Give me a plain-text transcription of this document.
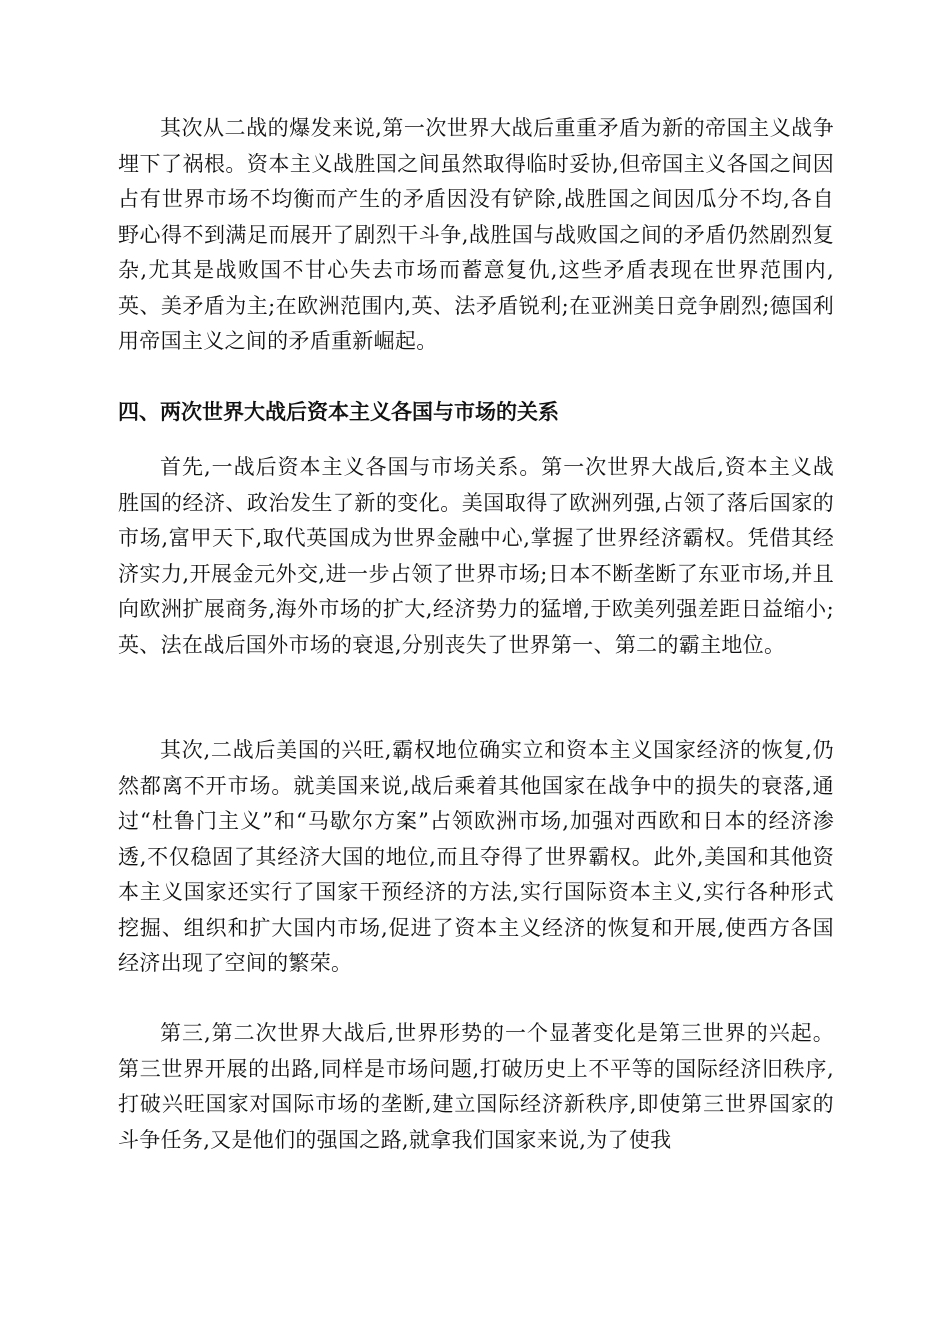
其次从二战的爆发来说,第一次世界大战后重重矛盾为新的帝国主义战争埋下了祸根。资本主义战胜国之间虽然取得临时妥协,但帝国主义各国之间因占有世界市场不均衡而产生的矛盾因没有铲除,战胜国之间因瓜分不均,各自野心得不到满足而展开了剧烈干斗争,战胜国与战败国之间的矛盾仍然剧烈复杂,尤其是战败国不甘心失去市场而蓄意复仇,这些矛盾表现在世界范围内,英、美矛盾为主;在欧洲范围内,英、法矛盾锐利;在亚洲美日竞争剧烈;德国利用帝国主义之间的矛盾重新崛起。

四、两次世界大战后资本主义各国与市场的关系

首先,一战后资本主义各国与市场关系。第一次世界大战后,资本主义战胜国的经济、政治发生了新的变化。美国取得了欧洲列强,占领了落后国家的市场,富甲天下,取代英国成为世界金融中心,掌握了世界经济霸权。凭借其经济实力,开展金元外交,进一步占领了世界市场;日本不断垄断了东亚市场,并且向欧洲扩展商务,海外市场的扩大,经济势力的猛增,于欧美列强差距日益缩小;英、法在战后国外市场的衰退,分别丧失了世界第一、第二的霸主地位。

其次,二战后美国的兴旺,霸权地位确实立和资本主义国家经济的恢复,仍然都离不开市场。就美国来说,战后乘着其他国家在战争中的损失的衰落,通过“杜鲁门主义”和“马歇尔方案”占领欧洲市场,加强对西欧和日本的经济渗透,不仅稳固了其经济大国的地位,而且夺得了世界霸权。此外,美国和其他资本主义国家还实行了国家干预经济的方法,实行国际资本主义,实行各种形式挖掘、组织和扩大国内市场,促进了资本主义经济的恢复和开展,使西方各国经济出现了空间的繁荣。

第三,第二次世界大战后,世界形势的一个显著变化是第三世界的兴起。第三世界开展的出路,同样是市场问题,打破历史上不平等的国际经济旧秩序,打破兴旺国家对国际市场的垄断,建立国际经济新秩序,即使第三世界国家的斗争任务,又是他们的强国之路,就拿我们国家来说,为了使我
